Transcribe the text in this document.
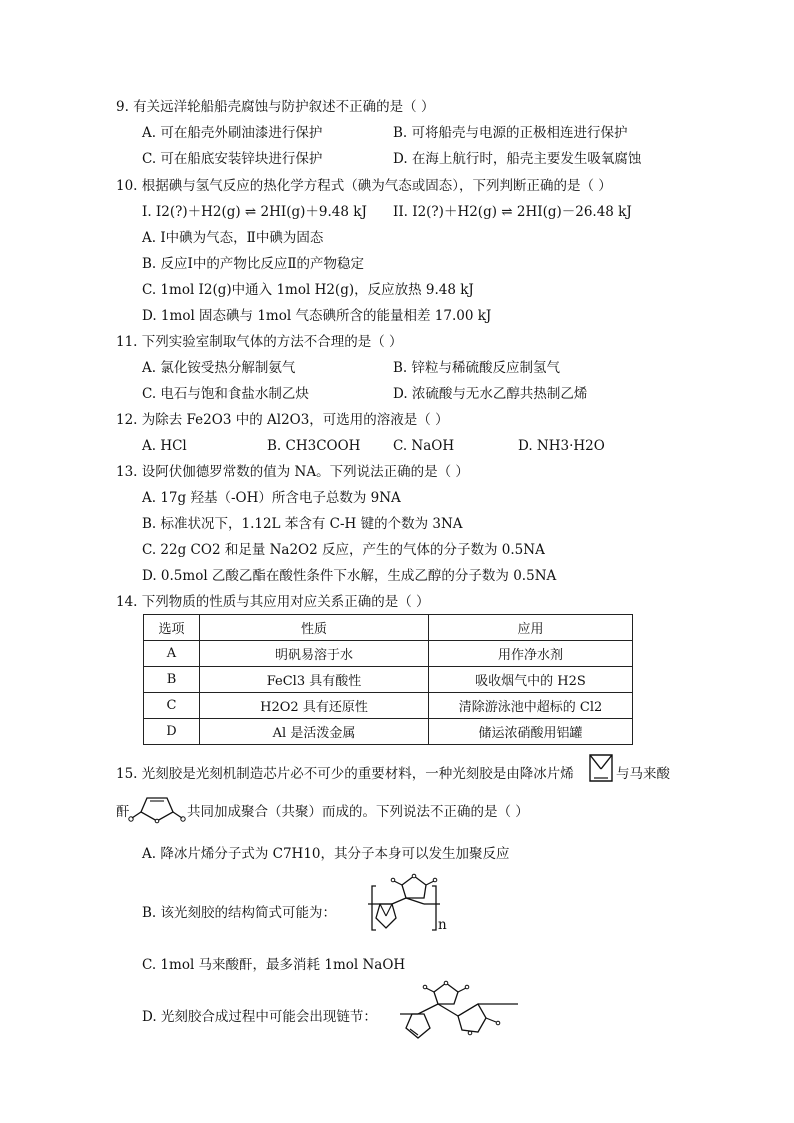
9. 有关远洋轮船船壳腐蚀与防护叙述不正确的是（ ）
A. 可在船壳外刷油漆进行保护	B. 可将船壳与电源的正极相连进行保护
C. 可在船底安装锌块进行保护	D. 在海上航行时，船壳主要发生吸氧腐蚀
10. 根据碘与氢气反应的热化学方程式（碘为气态或固态），下列判断正确的是（ ）
I. I2(?)＋H2(g) ⇌ 2HI(g)＋9.48 kJ II. I2(?)＋H2(g) ⇌ 2HI(g)－26.48 kJ
A. Ⅰ中碘为气态，Ⅱ中碘为固态
B. 反应Ⅰ中的产物比反应Ⅱ的产物稳定
C. 1mol I2(g)中通入 1mol H2(g)，反应放热 9.48 kJ
D. 1mol 固态碘与 1mol 气态碘所含的能量相差 17.00 kJ
11. 下列实验室制取气体的方法不合理的是（ ）
A. 氯化铵受热分解制氨气	B. 锌粒与稀硫酸反应制氢气
C. 电石与饱和食盐水制乙炔	D. 浓硫酸与无水乙醇共热制乙烯
12. 为除去 Fe2O3 中的 Al2O3，可选用的溶液是（ ）
A. HCl	B. CH3COOH C. NaOH	D. NH3·H2O
13. 设阿伏伽德罗常数的值为 NA。下列说法正确的是（ ）
A. 17g 羟基（-OH）所含电子总数为 9NA
B. 标准状况下，1.12L 苯含有 C-H 键的个数为 3NA
C. 22g CO2 和足量 Na2O2 反应，产生的气体的分子数为 0.5NA
D. 0.5mol 乙酸乙酯在酸性条件下水解，生成乙醇的分子数为 0.5NA
14. 下列物质的性质与其应用对应关系正确的是（ ）
选项	性质	应用
A	明矾易溶于水	用作净水剂
B	FeCl3 具有酸性	吸收烟气中的 H2S
C	H2O2 具有还原性	清除游泳池中超标的 Cl2
D	Al 是活泼金属	储运浓硝酸用铝罐
15. 光刻胶是光刻机制造芯片必不可少的重要材料，一种光刻胶是由降冰片烯	与马来酸
酐	共同加成聚合（共聚）而成的。下列说法不正确的是（ ）
A. 降冰片烯分子式为 C7H10，其分子本身可以发生加聚反应
B. 该光刻胶的结构简式可能为：
n
C. 1mol 马来酸酐，最多消耗 1mol NaOH
D. 光刻胶合成过程中可能会出现链节：
